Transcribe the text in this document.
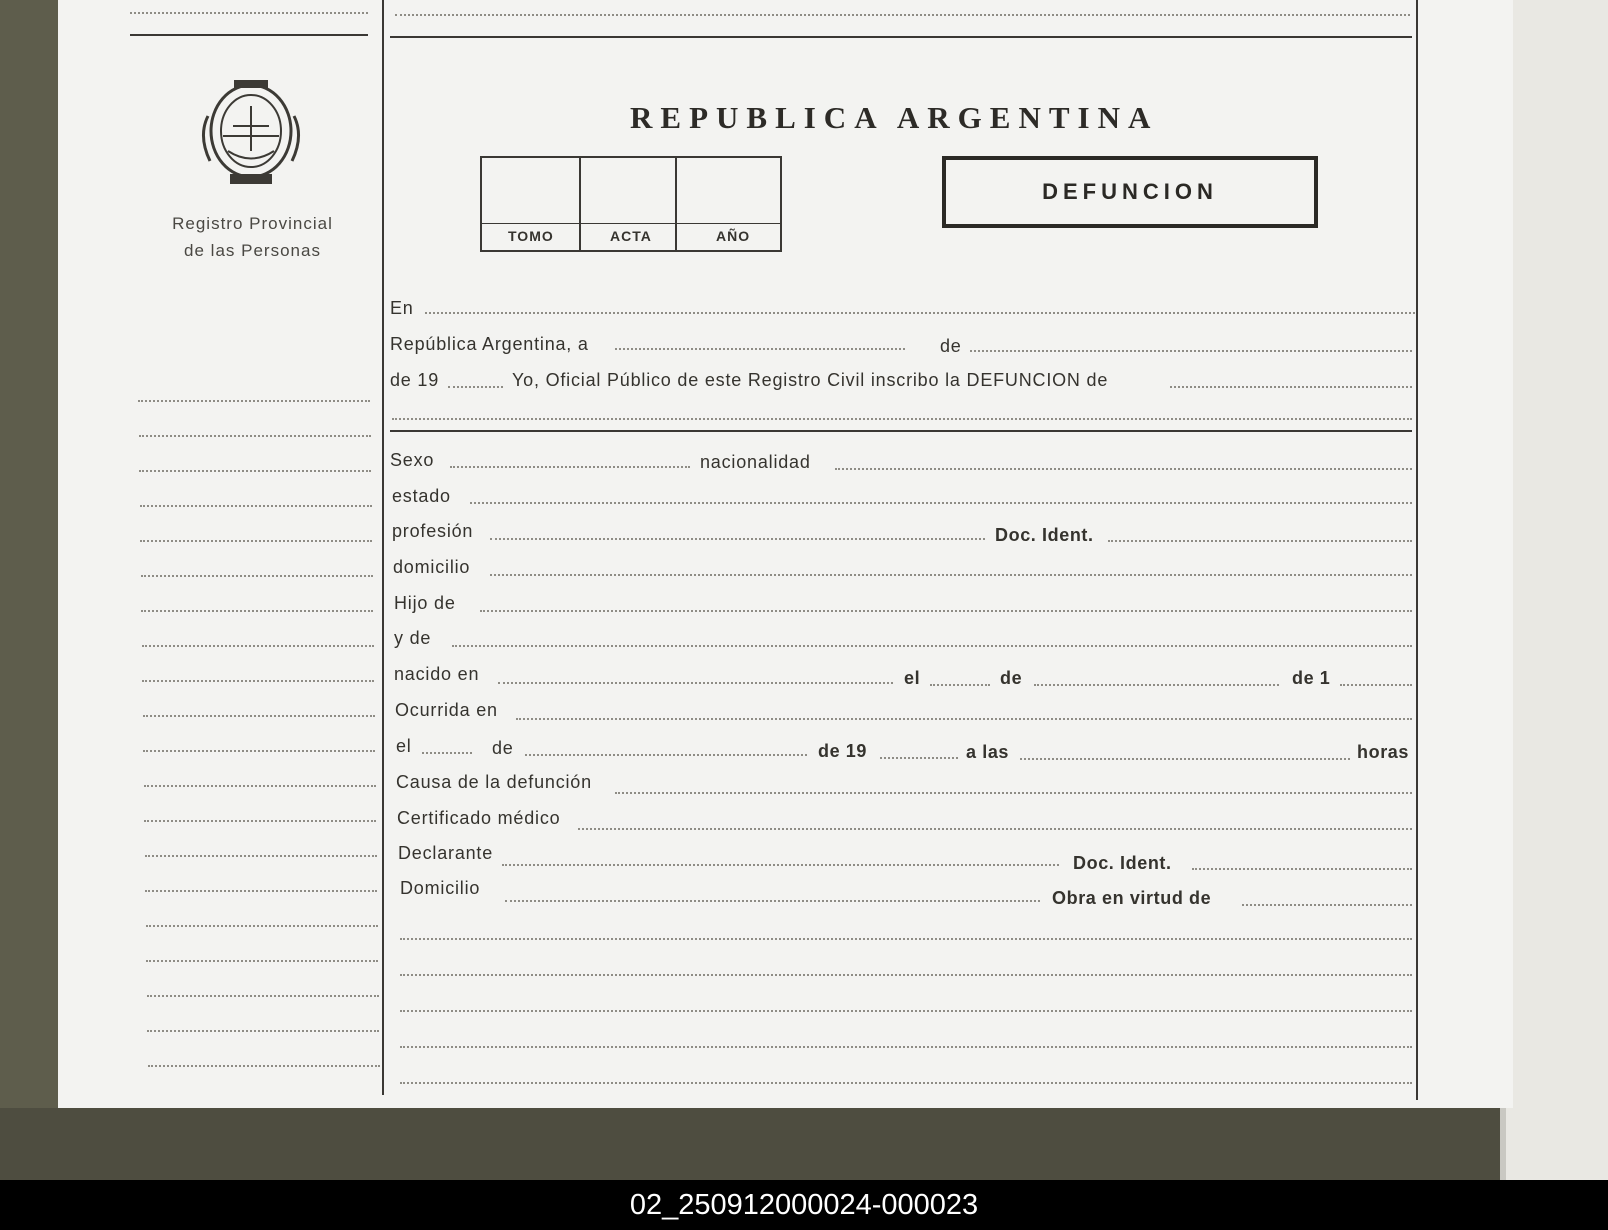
Registro Provincial
de las Personas
REPUBLICA ARGENTINA
TOMO	ACTA	AÑO
DEFUNCION
En
República Argentina, a	de
de 19	Yo, Oficial Público de este Registro Civil inscribo la DEFUNCION de
Sexo	nacionalidad
estado
profesión	Doc. Ident.
domicilio
Hijo de
y de
nacido en	el	de	de 1
Ocurrida en
el	de	de 19	a las	horas
Causa de la defunción
Certificado médico
Declarante	Doc. Ident.
Domicilio	Obra en virtud de
02_250912000024-000023
